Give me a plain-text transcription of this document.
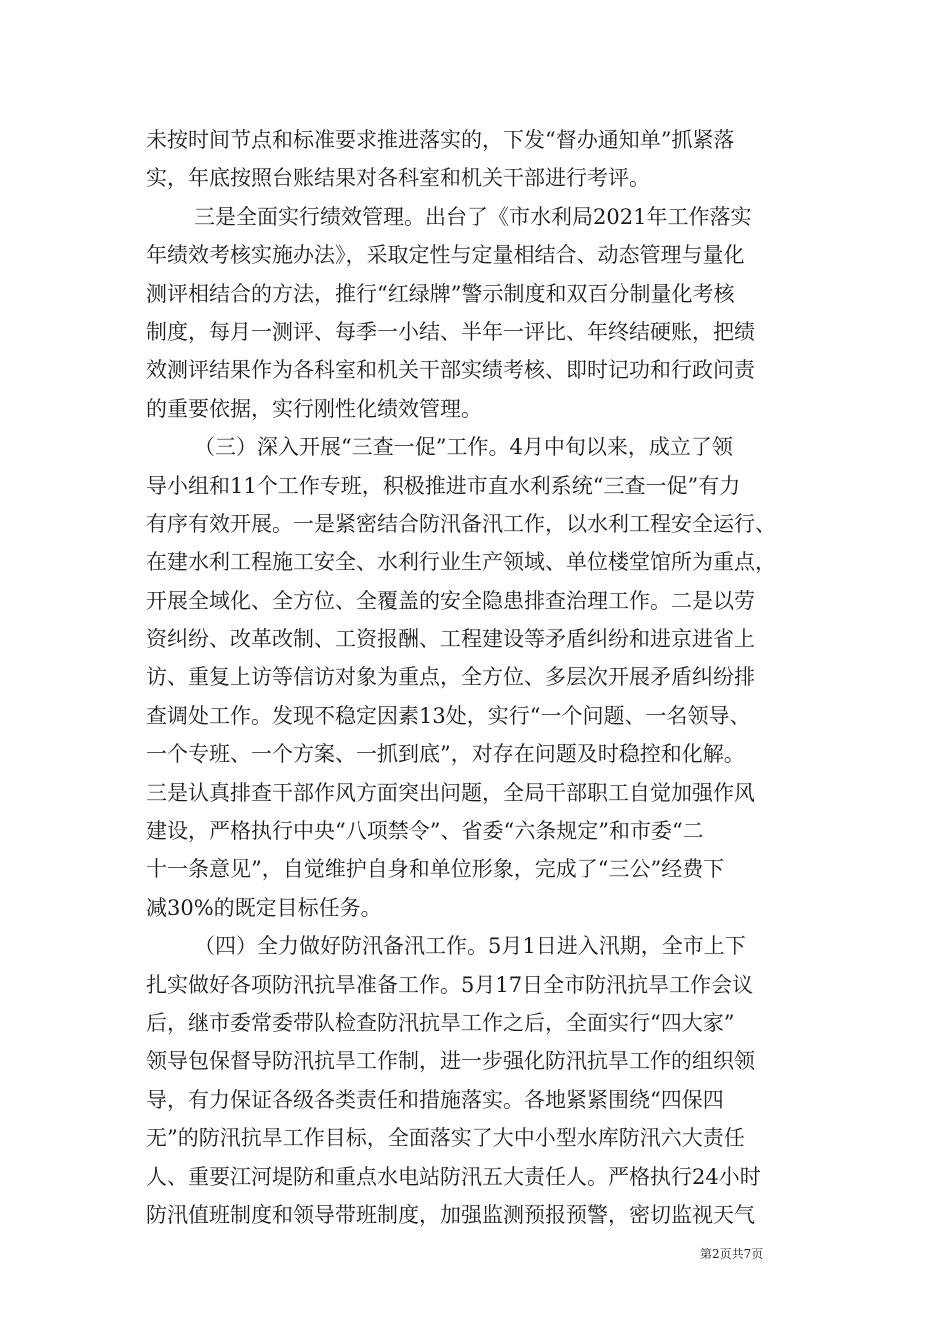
未按时间节点和标准要求推进落实的，下发“督办通知单”抓紧落
实，年底按照台账结果对各科室和机关干部进行考评。
三是全面实行绩效管理。出台了《市水利局2021年工作落实
年绩效考核实施办法》，采取定性与定量相结合、动态管理与量化
测评相结合的方法，推行“红绿牌”警示制度和双百分制量化考核
制度，每月一测评、每季一小结、半年一评比、年终结硬账，把绩
效测评结果作为各科室和机关干部实绩考核、即时记功和行政问责
的重要依据，实行刚性化绩效管理。
（三）深入开展“三查一促”工作。4月中旬以来，成立了领
导小组和11个工作专班，积极推进市直水利系统“三查一促”有力
有序有效开展。一是紧密结合防汛备汛工作，以水利工程安全运行、
在建水利工程施工安全、水利行业生产领域、单位楼堂馆所为重点，
开展全域化、全方位、全覆盖的安全隐患排查治理工作。二是以劳
资纠纷、改革改制、工资报酬、工程建设等矛盾纠纷和进京进省上
访、重复上访等信访对象为重点，全方位、多层次开展矛盾纠纷排
查调处工作。发现不稳定因素13处，实行“一个问题、一名领导、
一个专班、一个方案、一抓到底”，对存在问题及时稳控和化解。
三是认真排查干部作风方面突出问题，全局干部职工自觉加强作风
建设，严格执行中央“八项禁令”、省委“六条规定”和市委“二
十一条意见”，自觉维护自身和单位形象，完成了“三公”经费下
减30%的既定目标任务。
（四）全力做好防汛备汛工作。5月1日进入汛期，全市上下
扎实做好各项防汛抗旱准备工作。5月17日全市防汛抗旱工作会议
后，继市委常委带队检查防汛抗旱工作之后，全面实行“四大家”
领导包保督导防汛抗旱工作制，进一步强化防汛抗旱工作的组织领
导，有力保证各级各类责任和措施落实。各地紧紧围绕“四保四
无”的防汛抗旱工作目标，全面落实了大中小型水库防汛六大责任
人、重要江河堤防和重点水电站防汛五大责任人。严格执行24小时
防汛值班制度和领导带班制度，加强监测预报预警，密切监视天气
第2页共7页
